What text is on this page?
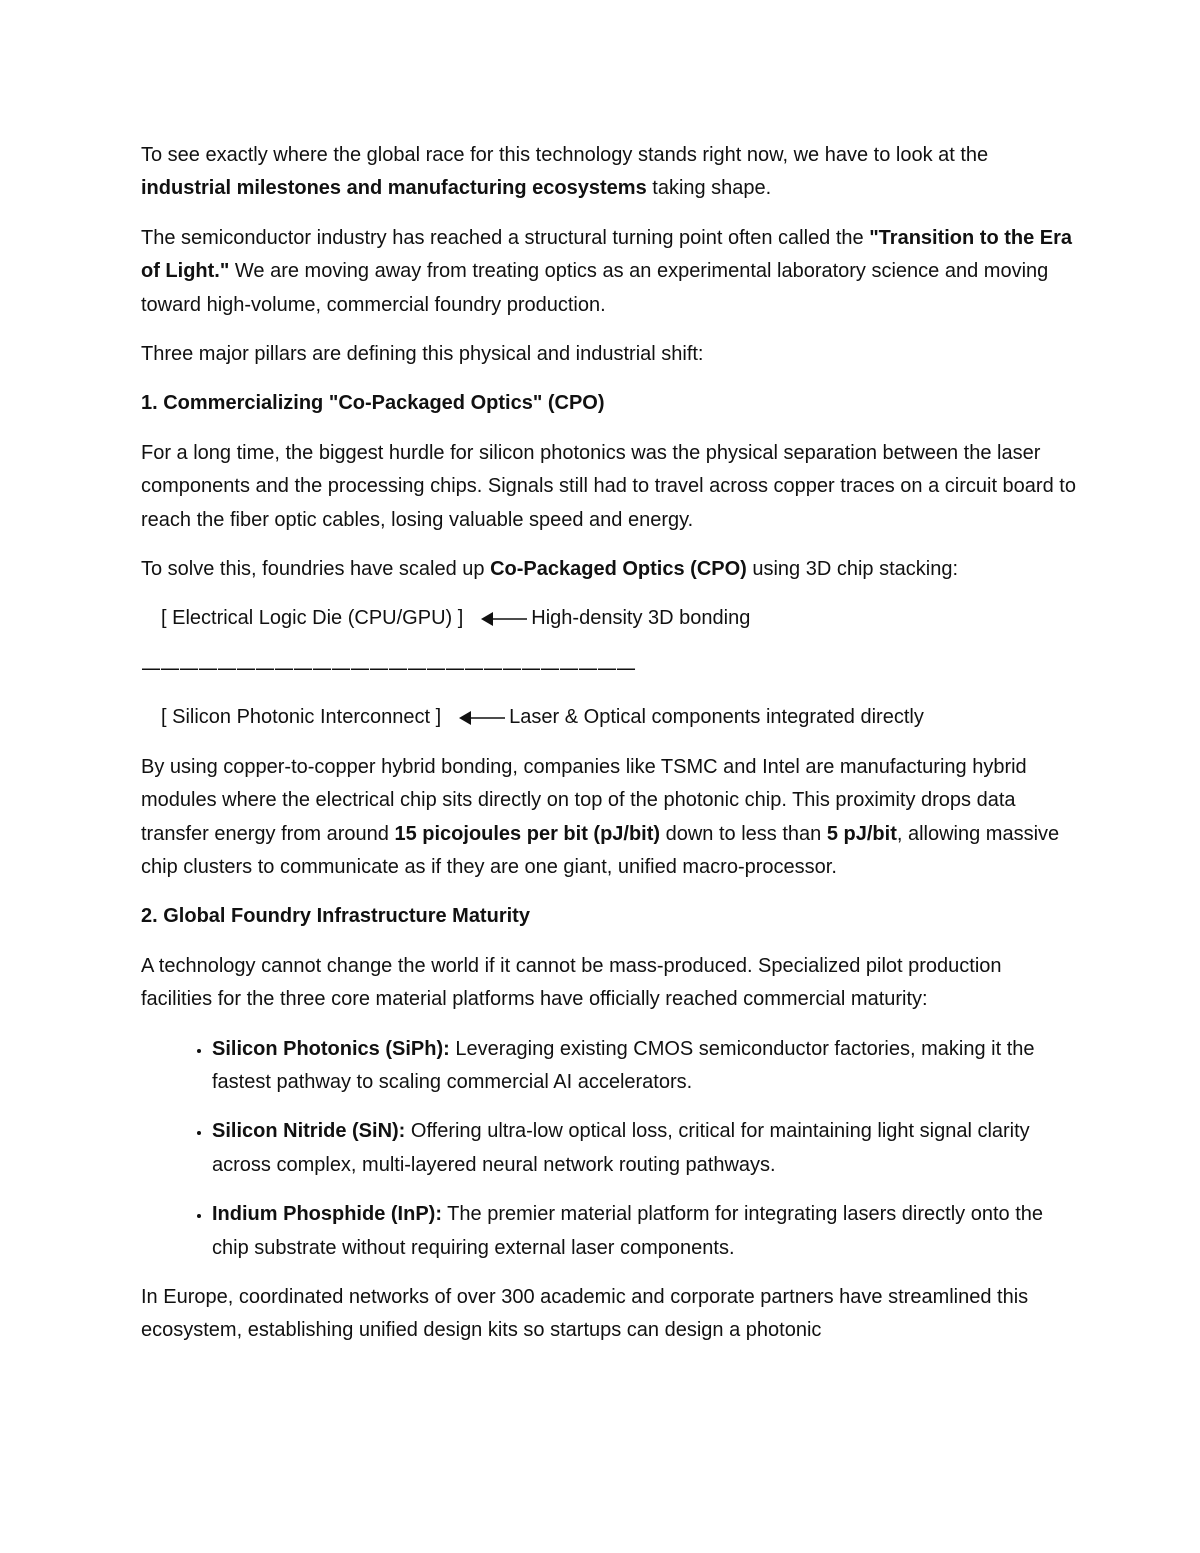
To see exactly where the global race for this technology stands right now, we have to look at the industrial milestones and manufacturing ecosystems taking shape.

The semiconductor industry has reached a structural turning point often called the "Transition to the Era of Light." We are moving away from treating optics as an experimental laboratory science and moving toward high-volume, commercial foundry production.

Three major pillars are defining this physical and industrial shift:

1. Commercializing "Co-Packaged Optics" (CPO)

For a long time, the biggest hurdle for silicon photonics was the physical separation between the laser components and the processing chips. Signals still had to travel across copper traces on a circuit board to reach the fiber optic cables, losing valuable speed and energy.

To solve this, foundries have scaled up Co-Packaged Optics (CPO) using 3D chip stacking:

[ Electrical Logic Die (CPU/GPU) ]	High-density 3D bonding
——————————————————————————
[ Silicon Photonic Interconnect ]	Laser & Optical components integrated directly

By using copper-to-copper hybrid bonding, companies like TSMC and Intel are manufacturing hybrid modules where the electrical chip sits directly on top of the photonic chip. This proximity drops data transfer energy from around 15 picojoules per bit (pJ/bit) down to less than 5 pJ/bit, allowing massive chip clusters to communicate as if they are one giant, unified macro-processor.

2. Global Foundry Infrastructure Maturity

A technology cannot change the world if it cannot be mass-produced. Specialized pilot production facilities for the three core material platforms have officially reached commercial maturity:

• Silicon Photonics (SiPh): Leveraging existing CMOS semiconductor factories, making it the fastest pathway to scaling commercial AI accelerators.
• Silicon Nitride (SiN): Offering ultra-low optical loss, critical for maintaining light signal clarity across complex, multi-layered neural network routing pathways.
• Indium Phosphide (InP): The premier material platform for integrating lasers directly onto the chip substrate without requiring external laser components.

In Europe, coordinated networks of over 300 academic and corporate partners have streamlined this ecosystem, establishing unified design kits so startups can design a photonic
